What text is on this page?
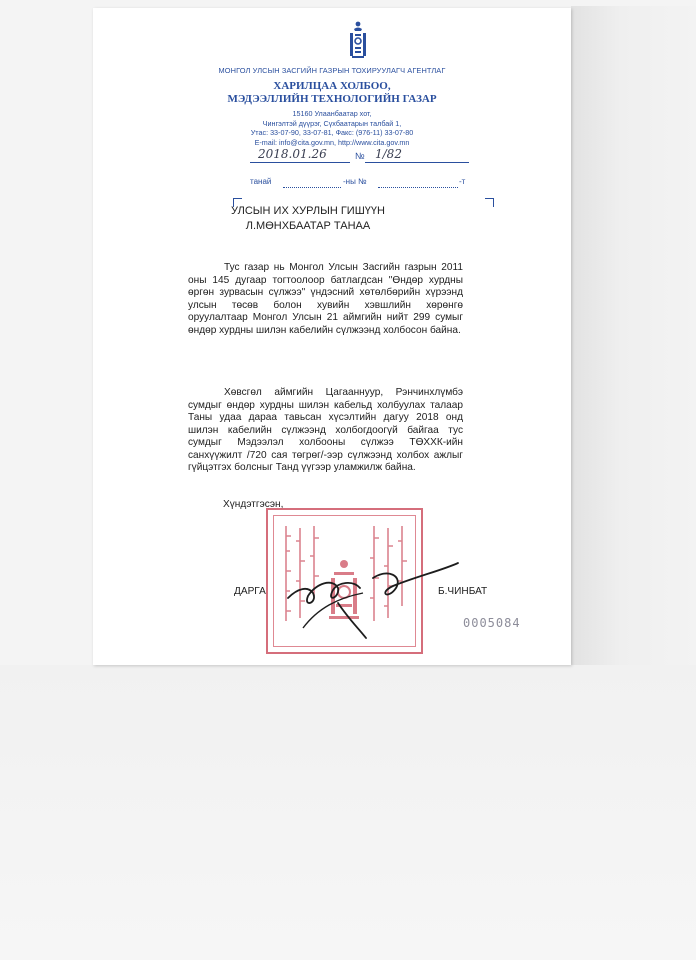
МОНГОЛ УЛСЫН ЗАСГИЙН ГАЗРЫН ТОХИРУУЛАГЧ АГЕНТЛАГ
ХАРИЛЦАА ХОЛБОО,
МЭДЭЭЛЛИЙН ТЕХНОЛОГИЙН ГАЗАР
15160 Улаанбаатар хот,
Чингэлтэй дүүрэг, Сүхбаатарын талбай 1,
Утас: 33-07-90, 33-07-81, Факс: (976-11) 33-07-80
E-mail: info@cita.gov.mn, http://www.cita.gov.mn
2018.01.26	№ 1/82
танай	-ны №	-т
УЛСЫН ИХ ХУРЛЫН ГИШҮҮН
Л.МӨНХБААТАР ТАНАА

Тус газар нь Монгол Улсын Засгийн газрын 2011 оны 145 дугаар тогтоолоор батлагдсан "Өндөр хурдны өргөн зурвасын сүлжээ" үндэсний хөтөлбөрийн хүрээнд улсын төсөв болон хувийн хэвшлийн хөрөнгө оруулалтаар Монгол Улсын 21 аймгийн нийт 299 сумыг өндөр хурдны шилэн кабелийн сүлжээнд холбосон байна.

Хөвсгөл аймгийн Цагааннуур, Рэнчинхлүмбэ сумдыг өндөр хурдны шилэн кабельд холбуулах талаар Таны удаа дараа тавьсан хүсэлтийн дагуу 2018 онд шилэн кабелийн сүлжээнд холбогдоогүй байгаа тус сумдыг Мэдээлэл холбооны сүлжээ ТӨХХК-ийн санхүүжилт /720 сая төгрөг/-ээр сүлжээнд холбох ажлыг гүйцэтгэх болсныг Танд үүгээр уламжилж байна.

Хүндэтгэсэн,
ДАРГА	Б.ЧИНБАТ
0005084
